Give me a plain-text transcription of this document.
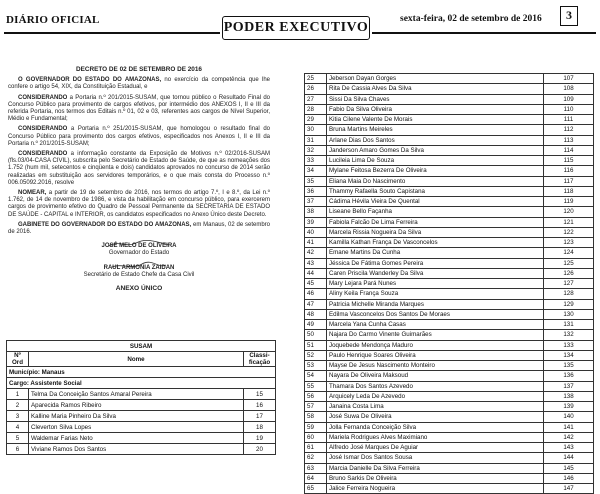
DIÁRIO OFICIAL	PODER EXECUTIVO
sexta-feira, 02 de setembro de 2016	3

DECRETO DE 02 DE SETEMBRO DE 2016

O GOVERNADOR DO ESTADO DO AMAZONAS, no exercício da competência que lhe confere o artigo 54, XIX, da Constituição Estadual, e

CONSIDERANDO a Portaria n.º 201/2015-SUSAM, que tornou público o Resultado Final do Concurso Público para provimento de cargos efetivos, por intermédio dos ANEXOS I, II e III da referida Portaria, nos termos dos Editais n.º 01, 02 e 03, referentes aos cargos de Nível Superior, Médio e Fundamental;

CONSIDERANDO a Portaria n.º 251/2015-SUSAM, que homologou o resultado final do Concurso Público para provimento dos cargos efetivos, especificados nos Anexos I, II e III da Portaria n.º 201/2015-SUSAM;

CONSIDERANDO a informação constante da Exposição de Motivos n.º 02/2016-SUSAM (fls.03/04-CASA CIVIL), subscrita pelo Secretário de Estado de Saúde, de que as nomeações dos 1.752 (hum mil, setecentos e cinqüenta e dois) candidatos aprovados no concurso de 2014 serão realizadas em substituição aos servidores temporários, e o que mais consta do Processo n.º 006.05092.2016, resolve

NOMEAR, a partir de 19 de setembro de 2016, nos termos do artigo 7.º, I e 8.º, da Lei n.º 1.762, de 14 de novembro de 1986, e vista da habilitação em concurso público, para exercerem cargos de provimento efetivo do Quadro de Pessoal Permanente da SECRETARIA DE ESTADO DE SAÚDE - CAPITAL e INTERIOR, os candidatos especificados no Anexo Único deste Decreto.

GABINETE DO GOVERNADOR DO ESTADO DO AMAZONAS, em Manaus, 02 de setembro de 2016.

JOSÉ MELO DE OLIVEIRA
Governador do Estado

RAUL ARMONIA ZAIDAN
Secretário de Estado Chefe da Casa Civil

ANEXO ÚNICO

SUSAM		
Nº Ord	Nome	Classi- ficação
Município: Manaus		
Cargo: Assistente Social		
1	Telma Da Conceição Santos Amaral Pereira	15
2	Aparecida Ramos Ribeiro	16
3	Kalline Maria Pinheiro Da Silva	17
4	Cleverton Silva Lopes	18
5	Waldemar Farias Neto	19
6	Viviane Ramos Dos Santos	20
25	Jeberson Dayan Gorges	107
26	Rita De Cassia Alves Da Silva	108
27	Sissi Da Silva Chaves	109
28	Fabio Da Silva Oliveira	110
29	Kitia Cilene Valente De Morais	111
30	Bruna Martins Meireles	112
31	Arlane Dias Dos Santos	113
32	Janderson Amaro Gomes Da Silva	114
33	Lucileia Lima De Souza	115
34	Mylane Feitosa Bezerra De Oliveira	116
35	Eliana Maia Do Nascimento	117
36	Thammy Rafaella Souto Capistana	118
37	Cádima Hévila Vieira De Quental	119
38	Liseane Bello Façanha	120
39	Fabiola Falcão De Lima Ferreira	121
40	Marcela Rissia Nogueira Da Silva	122
41	Kamilla Kathan França De Vasconcelos	123
42	Emane Martins Da Cunha	124
43	Jéssica De Fátima Gomes Pereira	125
44	Caren Priscila Wanderley Da Silva	126
45	Mary Lejara Pará Nunes	127
46	Aliny Keila França Souza	128
47	Patricia Michelle Miranda Marques	129
48	Edilma Vasconcelos Dos Santos De Moraes	130
49	Marcela Yana Cunha Casas	131
50	Najara Do Carmo Vinente Guimarães	132
51	Joquebede Mendonça Maduro	133
52	Paulo Henrique Soares Oliveira	134
53	Mayse De Jesus Nascimento Monteiro	135
54	Nayara De Oliveira Maksoud	136
55	Thamara Dos Santos Azevedo	137
56	Arquicely Leda De Azevedo	138
57	Janaina Costa Lima	139
58	José Suwa De Oliveira	140
59	Jolla Fernanda Conceição Silva	141
60	Mariela Rodrigues Alves Maximiano	142
61	Alfredo José Marques De Aguiar	143
62	José Ismar Dos Santos Sousa	144
63	Marcia Danielle Da Silva Ferreira	145
64	Bruno Sarkis De Oliveira	146
65	Jalice Ferreira Nogueira	147
